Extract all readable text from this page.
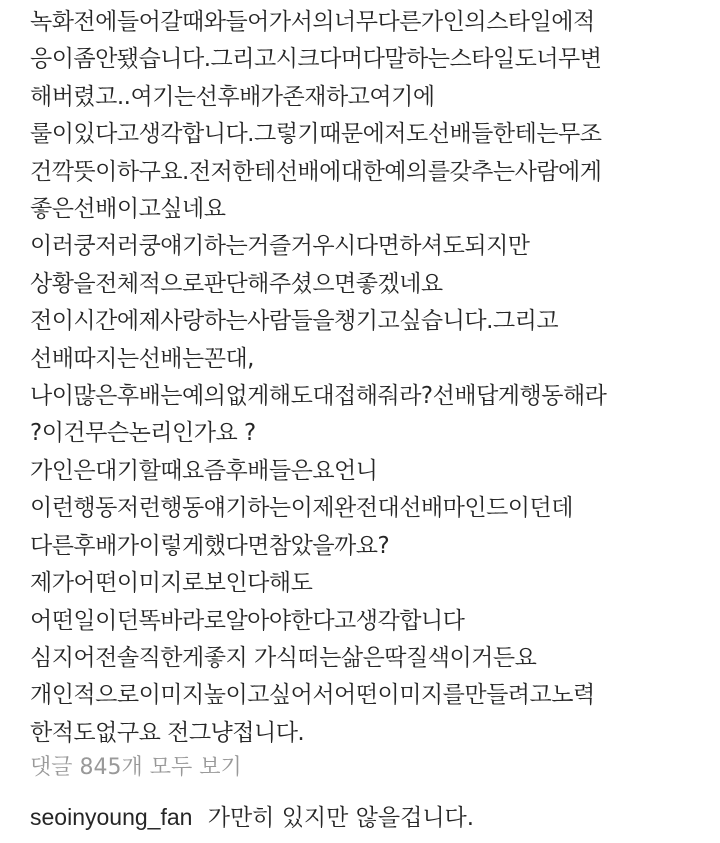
녹화전에들어갈때와들어가서의너무다른가인의스타일에적
응이좀안됐습니다.그리고시크다머다말하는스타일도너무변
해버렸고..여기는선후배가존재하고여기에
룰이있다고생각합니다.그렇기때문에저도선배들한테는무조
건깍뜻이하구요.전저한테선배에대한예의를갖추는사람에게
좋은선배이고싶네요
이러쿵저러쿵얘기하는거즐거우시다면하셔도되지만
상황을전체적으로판단해주셨으면좋겠네요
전이시간에제사랑하는사람들을챙기고싶습니다.그리고
선배따지는선배는꼰대,
나이많은후배는예의없게해도대접해줘라?선배답게행동해라
?이건무슨논리인가요 ?
가인은대기할때요즘후배들은요언니
이런행동저런행동얘기하는이제완전대선배마인드이던데
다른후배가이렇게했다면참았을까요?
제가어떤이미지로보인다해도
어떤일이던똑바라로알아야한다고생각합니다
심지어전솔직한게좋지 가식떠는삶은딱질색이거든요
개인적으로이미지높이고싶어서어떤이미지를만들려고노력
한적도없구요 전그냥접니다.
댓글 845개 모두 보기
seoinyoung_fan 가만히 있지만 않을겁니다.
